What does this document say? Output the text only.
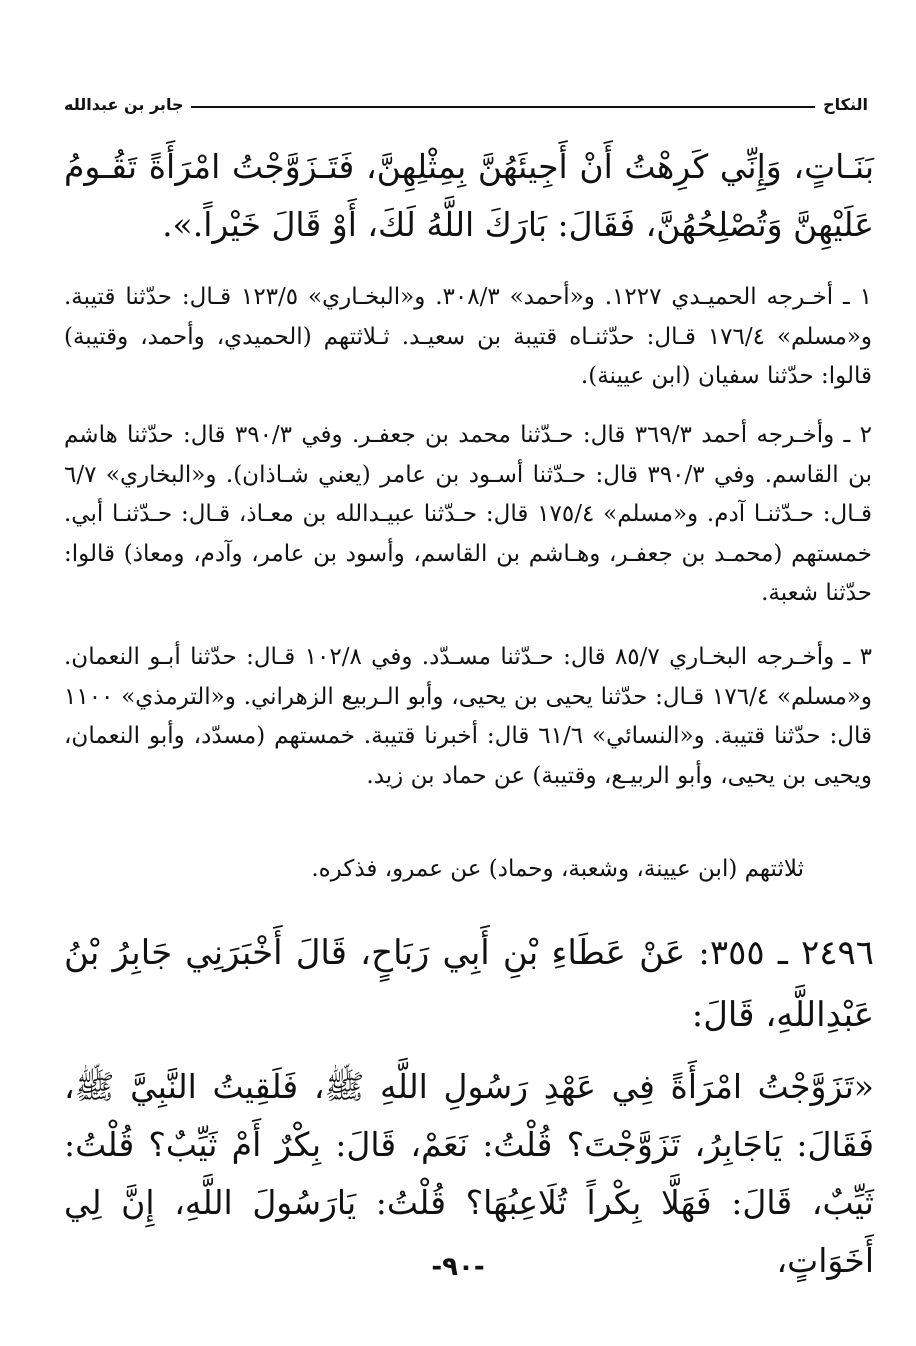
النكاح
جابر بن عبدالله
بَنَـاتٍ، وَإِنِّي كَرِهْتُ أَنْ أَجِيئَهُنَّ بِمِثْلِهِنَّ، فَتَـزَوَّجْتُ امْرَأَةً تَقُـومُ عَلَيْهِنَّ وَتُصْلِحُهُنَّ، فَقَالَ: بَارَكَ اللَّهُ لَكَ، أَوْ قَالَ خَيْراً.».

١ ـ أخـرجه الحميـدي ١٢٢٧. و«أحمد» ٣٠٨/٣. و«البخـاري» ١٢٣/٥ قـال: حدّثنا قتيبة. و«مسلم» ١٧٦/٤ قـال: حدّثنـاه قتيبة بن سعيـد. ثـلاثتهم (الحميدي، وأحمد، وقتيبة) قالوا: حدّثنا سفيان (ابن عيينة).

٢ ـ وأخـرجه أحمد ٣٦٩/٣ قال: حـدّثنا محمد بن جعفـر. وفي ٣٩٠/٣ قال: حدّثنا هاشم بن القاسم. وفي ٣٩٠/٣ قال: حـدّثنا أسـود بن عامر (يعني شـاذان). و«البخاري» ٦/٧ قـال: حـدّثنـا آدم. و«مسلم» ١٧٥/٤ قال: حـدّثنا عبيـدالله بن معـاذ، قـال: حـدّثنـا أبي. خمستهم (محمـد بن جعفـر، وهـاشم بن القاسم، وأسود بن عامر، وآدم، ومعاذ) قالوا: حدّثنا شعبة.

٣ ـ وأخـرجه البخـاري ٨٥/٧ قال: حـدّثنا مسـدّد. وفي ١٠٢/٨ قـال: حدّثنا أبـو النعمان. و«مسلم» ١٧٦/٤ قـال: حدّثنا يحيى بن يحيى، وأبو الـربيع الزهراني. و«الترمذي» ١١٠٠ قال: حدّثنا قتيبة. و«النسائي» ٦١/٦ قال: أخبرنا قتيبة. خمستهم (مسدّد، وأبو النعمان، ويحيى بن يحيى، وأبو الربيـع، وقتيبة) عن حماد بن زيد.

ثلاثتهم (ابن عيينة، وشعبة، وحماد) عن عمرو، فذكره.
٢٤٩٦ ـ ٣٥٥: عَنْ عَطَاءِ بْنِ أَبِي رَبَاحٍ، قَالَ أَخْبَرَنِي جَابِرُ بْنُ عَبْدِاللَّهِ، قَالَ:
«تَزَوَّجْتُ امْرَأَةً فِي عَهْدِ رَسُولِ اللَّهِ ﷺ، فَلَقِيتُ النَّبِيَّ ﷺ، فَقَالَ: يَاجَابِرُ، تَزَوَّجْتَ؟ قُلْتُ: نَعَمْ، قَالَ: بِكْرٌ أَمْ ثَيِّبٌ؟ قُلْتُ: ثَيِّبٌ، قَالَ: فَهَلَّا بِكْراً تُلَاعِبُهَا؟ قُلْتُ: يَارَسُولَ اللَّهِ، إِنَّ لِي أَخَوَاتٍ،
-٩٠-
